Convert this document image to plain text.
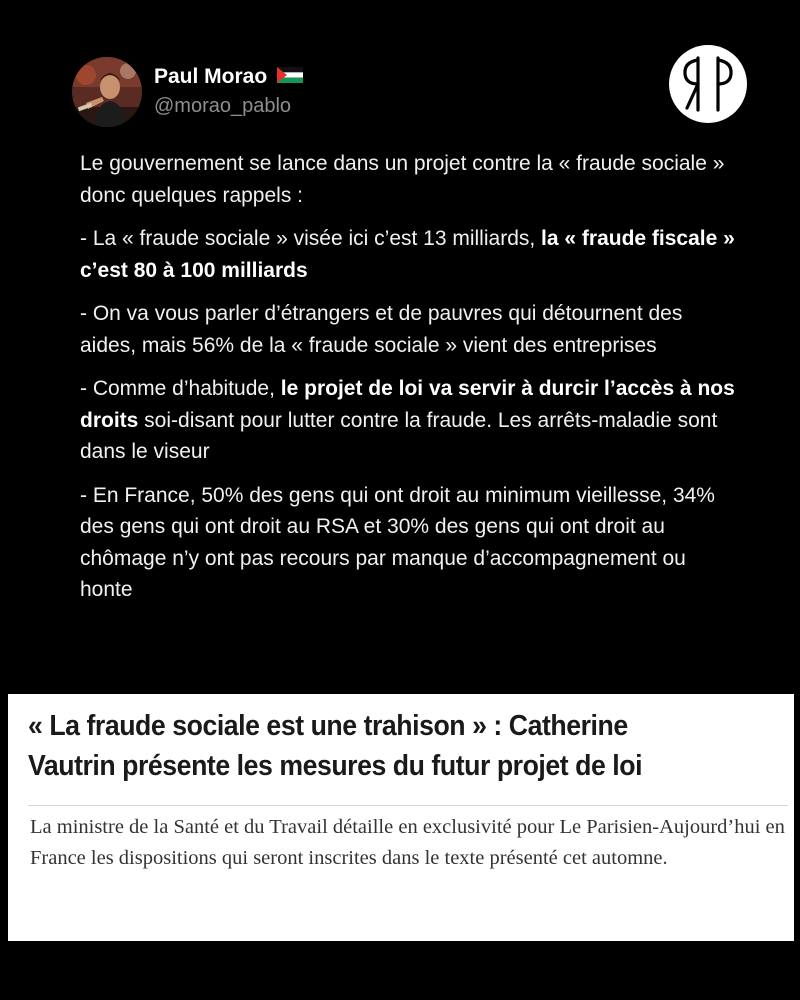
Paul Morao
@morao_pablo

Le gouvernement se lance dans un projet contre la « fraude sociale » donc quelques rappels :

- La « fraude sociale » visée ici c’est 13 milliards, la « fraude fiscale » c’est 80 à 100 milliards

- On va vous parler d’étrangers et de pauvres qui détournent des aides, mais 56% de la « fraude sociale » vient des entreprises

- Comme d’habitude, le projet de loi va servir à durcir l’accès à nos droits soi-disant pour lutter contre la fraude. Les arrêts-maladie sont dans le viseur

- En France, 50% des gens qui ont droit au minimum vieillesse, 34% des gens qui ont droit au RSA et 30% des gens qui ont droit au chômage n’y ont pas recours par manque d’accompagnement ou honte

« La fraude sociale est une trahison » : Catherine
Vautrin présente les mesures du futur projet de loi
La ministre de la Santé et du Travail détaille en exclusivité pour Le Parisien-Aujourd’hui en France les dispositions qui seront inscrites dans le texte présenté cet automne.
